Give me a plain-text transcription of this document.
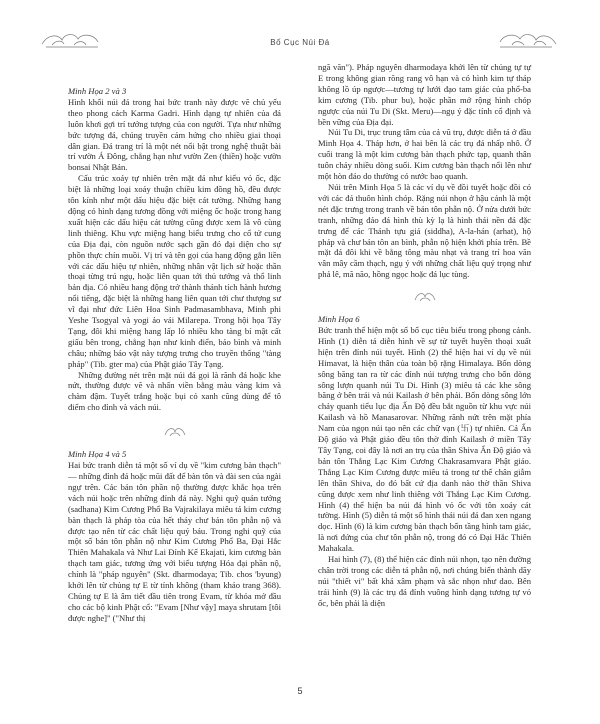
Bố Cục Núi Đá
Minh Họa 2 và 3

Hình khối núi đá trong hai bức tranh này được vẽ chủ yếu theo phong cách Karma Gadri. Hình dạng tự nhiên của đá luôn khơi gợi trí tưởng tượng của con người. Tựa như những bức tượng đá, chúng truyền cảm hứng cho nhiều giai thoại dân gian. Đá trang trí là một nét nổi bật trong nghệ thuật bài trí vườn Á Đông, chẳng hạn như vườn Zen (thiền) hoặc vườn bonsai Nhật Bản.

Cấu trúc xoáy tự nhiên trên mặt đá như kiểu vỏ ốc, đặc biệt là những loại xoáy thuận chiều kim đồng hồ, đều được tôn kính như một dấu hiệu đặc biệt cát tường. Những hang động có hình dạng tương đồng với miệng ốc hoặc trong hang xuất hiện các dấu hiệu cát tường cũng được xem là vô cùng linh thiêng. Khu vực miệng hang biểu trưng cho cổ tử cung của Địa đại, còn nguồn nước sạch gần đó đại diện cho sự phồn thực chín muồi. Vị trí và tên gọi của hang động gắn liền với các dấu hiệu tự nhiên, những nhân vật lịch sử hoặc thần thoại từng trú ngụ, hoặc liên quan tới thủ tướng và thổ linh bản địa. Có nhiều hang động trở thành thánh tích hành hương nổi tiếng, đặc biệt là những hang liên quan tới chư thượng sư vĩ đại như đức Liên Hoa Sinh Padmasambhava, Minh phi Yeshe Tsogyal và yogi ảo vải Milarepa. Trong hội họa Tây Tạng, đôi khi miệng hang lấp ló nhiều kho tàng bí mật cất giấu bên trong, chẳng hạn như kinh điển, bảo bình và minh châu; những bảo vật này tượng trưng cho truyền thống "tàng pháp" (Tib. gter ma) của Phật giáo Tây Tạng.

Những đường nét trên mặt núi đá gọi là rãnh đá hoặc khe nứt, thường được vẽ và nhấn viền bằng màu vàng kim và chàm đậm. Tuyết trắng hoặc bụi cỏ xanh cũng dùng để tô điểm cho đỉnh và vách núi.

Minh Họa 4 và 5

Hai bức tranh diễn tả một số ví dụ về "kim cương bàn thạch" — những đỉnh đá hoặc mũi đất để bàn tôn và đài sen của ngài ngự trên. Các bản tôn phần nộ thường được khắc họa trên vách núi hoặc trên những đỉnh đá này. Nghi quỹ quán tưởng (sadhana) Kim Cương Phổ Ba Vajrakilaya miêu tả kim cương bàn thạch là pháp tòa của hết thảy chư bản tôn phẫn nộ và được tạo nên từ các chất liệu quý báu. Trong nghi quỹ của một số bản tôn phẫn nộ như Kim Cương Phổ Ba, Đại Hắc Thiên Mahakala và Như Lai Đỉnh Kế Ekajati, kim cương bàn thạch tam giác, tương ứng với biểu tượng Hóa đại phần nộ, chính là "pháp nguyên" (Skt. dharmodaya; Tib. chos 'byung) khởi lên từ chủng tự E từ tính không (tham khảo trang 368). Chủng tự E là âm tiết đầu tiên trong Evam, từ khóa mở đầu cho các bộ kinh Phật cổ: "Evam [Như vậy] maya shrutam [tôi được nghe]" ("Như thị

ngã văn"). Pháp nguyên dharmodaya khởi lên từ chủng tự tự E trong không gian rõng rang vô hạn và có hình kim tự tháp không lồ úp ngược—tương tự lưới đạo tam giác của phổ-ba kim cương (Tib. phur bu), hoặc phần mở rộng hình chóp ngược của núi Tu Di (Skt. Meru)—ngụ ý đặc tính cổ định và bền vững của Địa đại.

Núi Tu Di, trục trung tâm của cả vũ trụ, được diễn tả ở đầu Minh Họa 4. Tháp hơn, ở hai bên là các trụ đá nhấp nhô. Ở cuối trang là một kim cương bàn thạch phức tạp, quanh thân tuôn chảy nhiều dòng suối. Kim cương bàn thạch nổi lên như một hòn đảo do thường có nước bao quanh.

Núi trên Minh Họa 5 là các ví dụ về đồi tuyết hoặc đồi cỏ với các đá thuôn hình chóp. Rặng núi nhọn ở hậu cảnh là một nét đặc trưng trong tranh về bản tôn phẫn nộ. Ở nửa dưới bức tranh, những đảo đá hình thù kỳ lạ là hình thái nền đá đặc trưng để các Thánh tựu giả (siddha), A-la-hán (arhat), hộ pháp và chư bản tôn an bình, phẫn nộ hiện khởi phía trên. Bề mặt đá đôi khi về bằng tông màu nhạt và trang trí hoa văn vân mây cầm thạch, ngụ ý với những chất liệu quý trọng như phả lê, mã não, hồng ngọc hoặc đá lục tùng.

Minh Họa 6

Bức tranh thể hiện một số bố cục tiêu biểu trong phong cảnh. Hình (1) diễn tả diễn hình về sự tử tuyết huyền thoại xuất hiện trên đỉnh núi tuyết. Hình (2) thể hiện hai ví dụ về núi Himavat, là hiện thân của toàn bộ rặng Himalaya. Bốn dòng sông băng tan ra từ các đỉnh núi tượng trưng cho bốn dòng sông lượn quanh núi Tu Di. Hình (3) miêu tả các khe sông băng ở bên trái và núi Kailash ở bên phải. Bốn dòng sông lớn chảy quanh tiểu lục địa Ấn Độ đều bắt nguồn từ khu vực núi Kailash và hồ Manasarovar. Những rãnh nứt trên mặt phía Nam của ngọn núi tạo nên các chữ vạn (卐) tự nhiên. Cả Ấn Độ giáo và Phật giáo đều tôn thờ đỉnh Kailash ở miền Tây Tây Tạng, coi đây là nơi an trụ của thần Shiva Ấn Độ giáo và bản tôn Thắng Lạc Kim Cương Chakrasamvara Phật giáo. Thắng Lạc Kim Cương được miêu tả trong tư thế chân giẫm lên thần Shiva, do đó bất cứ địa danh nào thờ thần Shiva cũng được xem như linh thiêng với Thắng Lạc Kim Cương. Hình (4) thể hiện ba núi đá hình vỏ ốc với tôn xoáy cát tường. Hình (5) diễn tả một số hình thái núi đá đan xen ngang dọc. Hình (6) là kim cương bàn thạch bốn tầng hình tam giác, là nơi đứng của chư tôn phẫn nộ, trong đó có Đại Hắc Thiên Mahakala.

Hai hình (7), (8) thể hiện các đỉnh núi nhọn, tạo nên đường chân trời trong các diễn tả phẫn nộ, nơi chúng biến thành dãy núi "thiết vi" bất khả xâm phạm và sắc nhọn như dao. Bên trái hình (9) là các trụ đá đỉnh vuông hình dạng tương tự vỏ ốc, bên phải là diện

5
